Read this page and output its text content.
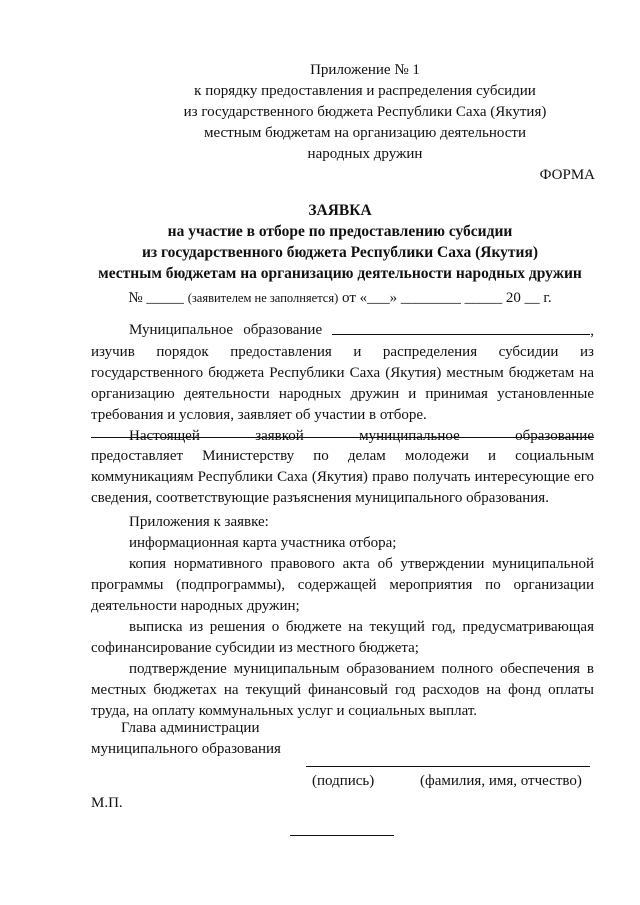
Приложение № 1
к порядку предоставления и распределения субсидии
из государственного бюджета Республики Саха (Якутия)
местным бюджетам на организацию деятельности
народных дружин
ФОРМА
ЗАЯВКА
на участие в отборе по предоставлению субсидии
из государственного бюджета Республики Саха (Якутия)
местным бюджетам на организацию деятельности народных дружин
№ _____ (заявителем не заполняется) от «___» ________ _____ 20 __ г.
Муниципальное образование	,
изучив порядок предоставления и распределения субсидии из

государственного бюджета Республики Саха (Якутия) местным бюджетам на организацию деятельности народных дружин и принимая установленные требования и условия, заявляет об участии в отборе.

Настоящей	заявкой	муниципальное	образование

предоставляет Министерству по делам молодежи и социальным коммуникациям Республики Саха (Якутия) право получать интересующие его сведения, соответствующие разъяснения муниципального образования.

Приложения к заявке:

информационная карта участника отбора;

копия нормативного правового акта об утверждении муниципальной программы (подпрограммы), содержащей мероприятия по организации деятельности народных дружин;

выписка из решения о бюджете на текущий год, предусматривающая софинансирование субсидии из местного бюджета;

подтверждение муниципальным образованием полного обеспечения в местных бюджетах на текущий финансовый год расходов на фонд оплаты труда, на оплату коммунальных услуг и социальных выплат.

Глава администрации
муниципального образования
(подпись)	(фамилия, имя, отчество)
М.П.
